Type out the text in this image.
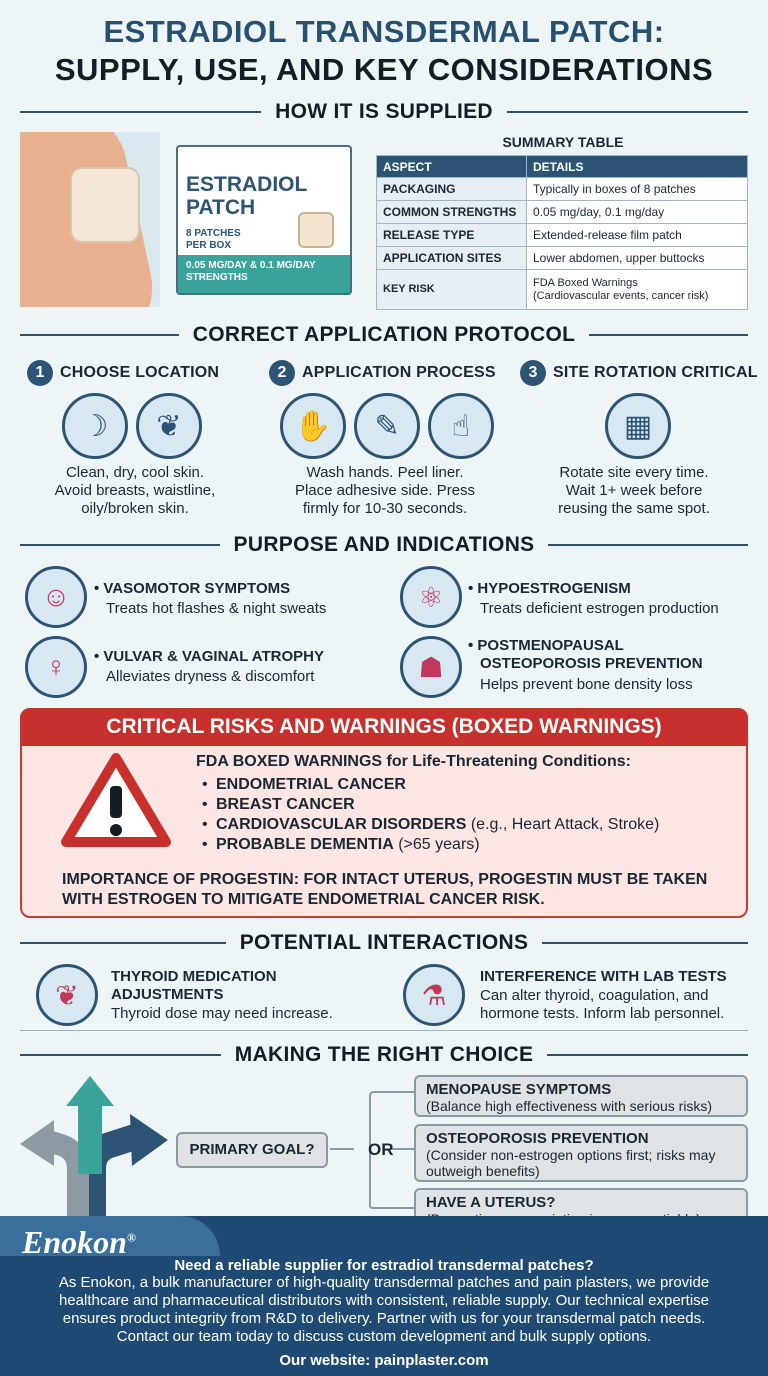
ESTRADIOL TRANSDERMAL PATCH:
SUPPLY, USE, AND KEY CONSIDERATIONS
HOW IT IS SUPPLIED
ESTRADIOL
PATCH
8 PATCHES
PER BOX
0.05 MG/DAY & 0.1 MG/DAY
STRENGTHS
SUMMARY TABLE
ASPECT	DETAILS
PACKAGING	Typically in boxes of 8 patches
COMMON STRENGTHS	0.05 mg/day, 0.1 mg/day
RELEASE TYPE	Extended-release film patch
APPLICATION SITES	Lower abdomen, upper buttocks
KEY RISK	FDA Boxed Warnings
(Cardiovascular events, cancer risk)
CORRECT APPLICATION PROTOCOL
1 CHOOSE LOCATION
☽	❦
Clean, dry, cool skin.
Avoid breasts, waistline,
oily/broken skin.
2 APPLICATION PROCESS
✋	✎	☝
Wash hands. Peel liner.
Place adhesive side. Press
firmly for 10-30 seconds.
3 SITE ROTATION CRITICAL
▦
Rotate site every time.
Wait 1+ week before
reusing the same spot.
PURPOSE AND INDICATIONS
☺	• VASOMOTOR SYMPTOMS
Treats hot flashes & night sweats	⚛	• HYPOESTROGENISM
Treats deficient estrogen production
♀	• VULVAR & VAGINAL ATROPHY
Alleviates dryness & discomfort	☗
• POSTMENOPAUSAL
OSTEOPOROSIS PREVENTION
Helps prevent bone density loss
CRITICAL RISKS AND WARNINGS (BOXED WARNINGS)
FDA BOXED WARNINGS for Life-Threatening Conditions:
• ENDOMETRIAL CANCER
• BREAST CANCER
• CARDIOVASCULAR DISORDERS (e.g., Heart Attack, Stroke)
• PROBABLE DEMENTIA (>65 years)
IMPORTANCE OF PROGESTIN: FOR INTACT UTERUS, PROGESTIN MUST BE TAKEN
WITH ESTROGEN TO MITIGATE ENDOMETRIAL CANCER RISK.
POTENTIAL INTERACTIONS
❦
THYROID MEDICATION
ADJUSTMENTS
Thyroid dose may need increase.
⚗
INTERFERENCE WITH LAB TESTS
Can alter thyroid, coagulation, and
hormone tests. Inform lab personnel.
MAKING THE RIGHT CHOICE
PRIMARY GOAL?	OR
MENOPAUSE SYMPTOMS
(Balance high effectiveness with serious risks)
OSTEOPOROSIS PREVENTION
(Consider non-estrogen options first; risks may outweigh benefits)
HAVE A UTERUS?
Enokon®
Need a reliable supplier for estradiol transdermal patches?
As Enokon, a bulk manufacturer of high-quality transdermal patches and pain plasters, we provide
healthcare and pharmaceutical distributors with consistent, reliable supply. Our technical expertise
ensures product integrity from R&D to delivery. Partner with us for your transdermal patch needs.
Contact our team today to discuss custom development and bulk supply options.
Our website: painplaster.com
